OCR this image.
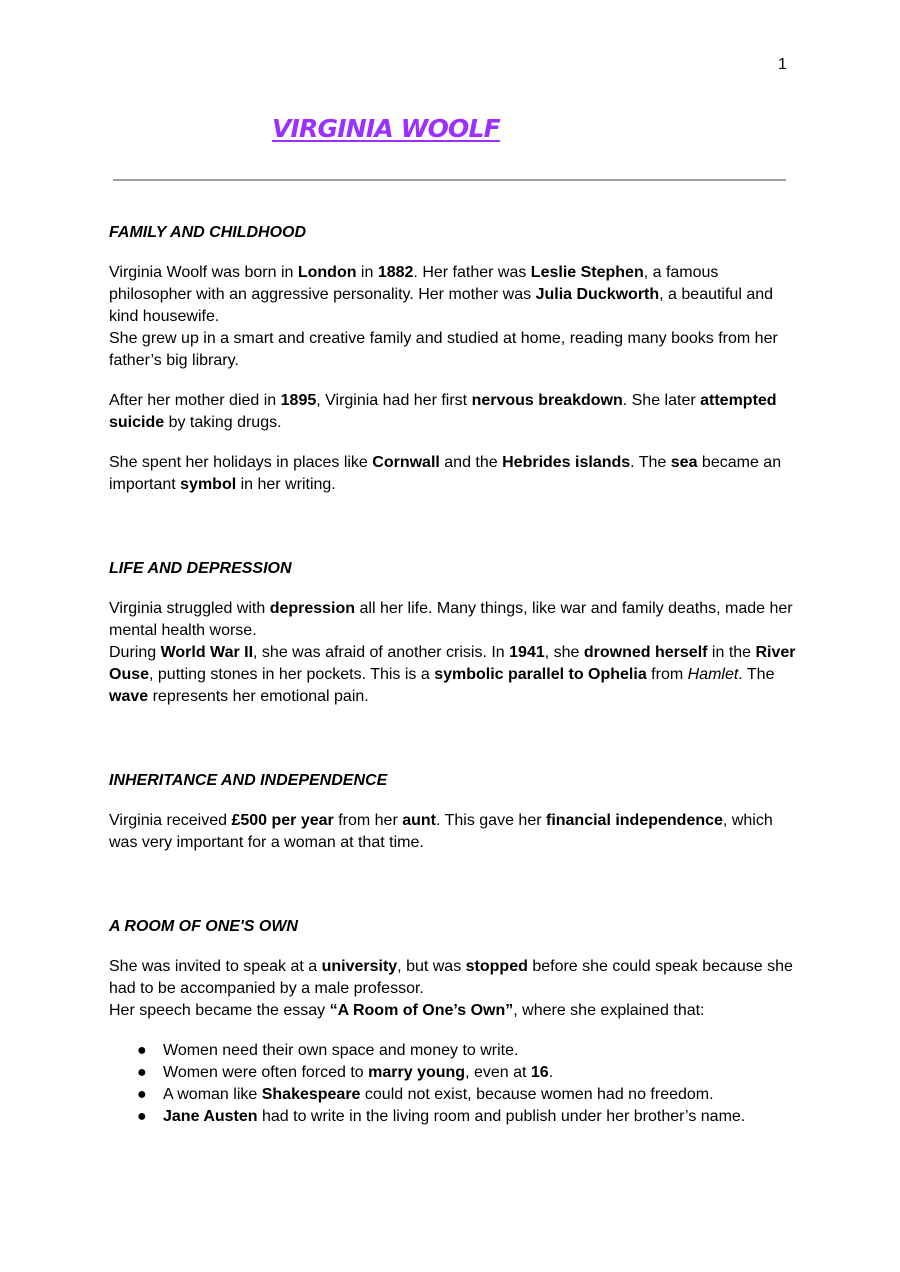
1
VIRGINIA WOOLF
FAMILY AND CHILDHOOD

Virginia Woolf was born in London in 1882. Her father was Leslie Stephen, a famous philosopher with an aggressive personality. Her mother was Julia Duckworth, a beautiful and kind housewife.
She grew up in a smart and creative family and studied at home, reading many books from her father’s big library.

After her mother died in 1895, Virginia had her first nervous breakdown. She later attempted suicide by taking drugs.

She spent her holidays in places like Cornwall and the Hebrides islands. The sea became an important symbol in her writing.

LIFE AND DEPRESSION

Virginia struggled with depression all her life. Many things, like war and family deaths, made her mental health worse.
During World War II, she was afraid of another crisis. In 1941, she drowned herself in the River Ouse, putting stones in her pockets. This is a symbolic parallel to Ophelia from Hamlet. The wave represents her emotional pain.

INHERITANCE AND INDEPENDENCE

Virginia received £500 per year from her aunt. This gave her financial independence, which was very important for a woman at that time.

A ROOM OF ONE'S OWN

She was invited to speak at a university, but was stopped before she could speak because she had to be accompanied by a male professor.
Her speech became the essay “A Room of One’s Own”, where she explained that:

● Women need their own space and money to write.
● Women were often forced to marry young, even at 16.
● A woman like Shakespeare could not exist, because women had no freedom.
● Jane Austen had to write in the living room and publish under her brother’s name.
